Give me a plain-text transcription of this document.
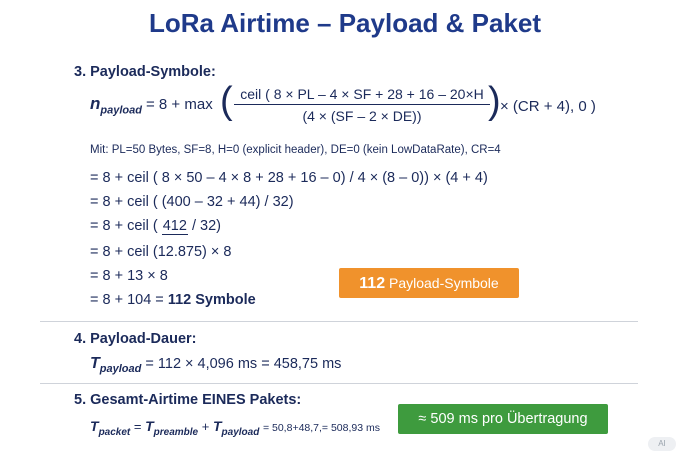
LoRa Airtime – Payload & Paket
3. Payload-Symbole:
$n_{payload} = 8 + \max$ ( ceil ( 8 × PL – 4 × SF + 28 + 16 – 20×H
(4 × (SF – 2 × DE))	) × (CR + 4), 0 )
Mit: PL=50 Bytes, SF=8, H=0 (explicit header), DE=0 (kein LowDataRate), CR=4
= 8 + ceil ( 8 × 50 – 4 × 8 + 28 + 16 – 0) / 4 × (8 – 0)) × (4 + 4)
= 8 + ceil ( (400 – 32 + 44) / 32)
= 8 + ceil ( 412 / 32)
= 8 + ceil (12.875) × 8
= 8 + 13 × 8
= 8 + 104 = 112 Symbole
112 Payload-Symbole
4. Payload-Dauer:
$T_{payload} = 112 \times 4,096$ ms = 458,75 ms
5. Gesamt-Airtime EINES Pakets:
$T_{packet} = T_{preamble} + T_{payload} = 50,8+48,7,= 508,93$ ms
≈ 509 ms pro Übertragung
AI
